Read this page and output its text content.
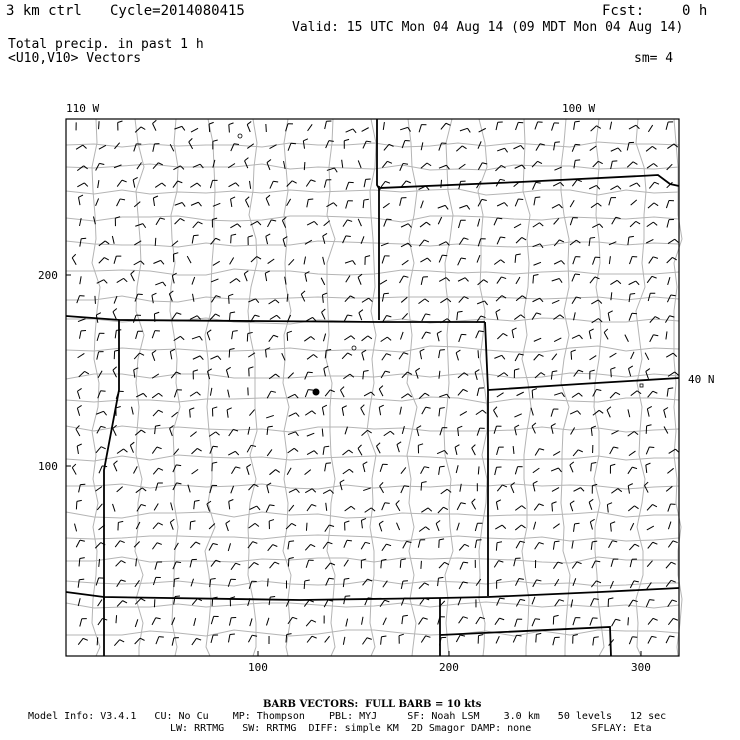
3 km ctrl Cycle=2014080415	Fcst:	0 h
Valid: 15 UTC Mon 04 Aug 14 (09 MDT Mon 04 Aug 14)
Total precip. in past 1 h
<U10,V10> Vectors	sm= 4
110 W	100 W
40 N
200
100
100	200	300
BARB VECTORS:  FULL BARB = 10 kts
Model Info: V3.4.1   CU: No Cu    MP: Thompson    PBL: MYJ     SF: Noah LSM    3.0 km   50 levels   12 sec
LW: RRTMG   SW: RRTMG  DIFF: simple KM  2D Smagor DAMP: none          SFLAY: Eta
